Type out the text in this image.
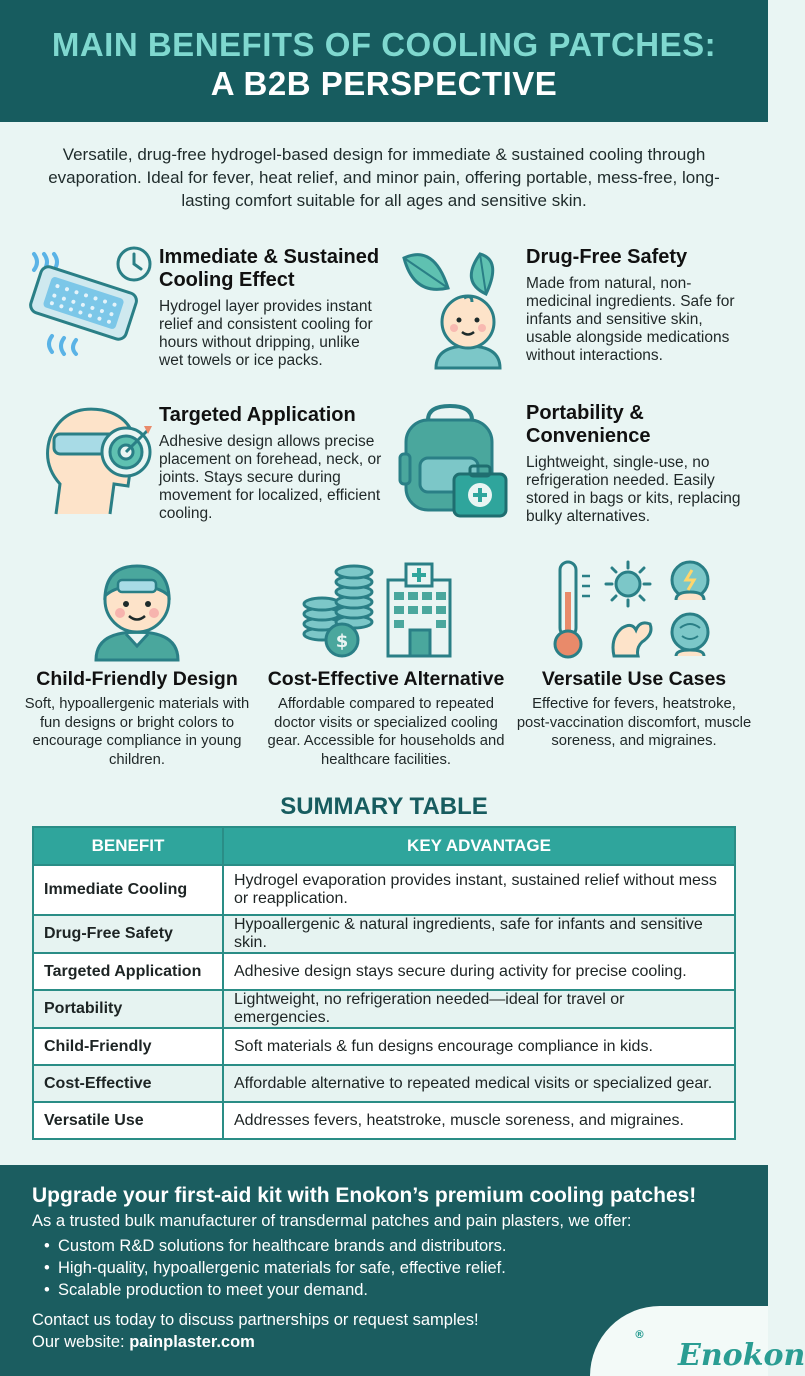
MAIN BENEFITS OF COOLING PATCHES:
A B2B PERSPECTIVE
Versatile, drug-free hydrogel-based design for immediate & sustained cooling through evaporation. Ideal for fever, heat relief, and minor pain, offering portable, mess-free, long-lasting comfort suitable for all ages and sensitive skin.
Immediate & Sustained Cooling Effect

Hydrogel layer provides instant relief and consistent cooling for hours without dripping, unlike wet towels or ice packs.

Drug-Free Safety

Made from natural, non-medicinal ingredients. Safe for infants and sensitive skin, usable alongside medications without interactions.

Targeted Application

Adhesive design allows precise placement on forehead, neck, or joints. Stays secure during movement for localized, efficient cooling.

Portability & Convenience

Lightweight, single-use, no refrigeration needed. Easily stored in bags or kits, replacing bulky alternatives.

Child-Friendly Design

Soft, hypoallergenic materials with fun designs or bright colors to encourage compliance in young children.

$
Cost-Effective Alternative

Affordable compared to repeated doctor visits or specialized cooling gear. Accessible for households and healthcare facilities.

Versatile Use Cases

Effective for fevers, heatstroke, post-vaccination discomfort, muscle soreness, and migraines.

SUMMARY TABLE
BENEFIT	KEY ADVANTAGE
Immediate Cooling	Hydrogel evaporation provides instant, sustained relief without mess or reapplication.
Drug-Free Safety	Hypoallergenic & natural ingredients, safe for infants and sensitive skin.
Targeted Application	Adhesive design stays secure during activity for precise cooling.
Portability	Lightweight, no refrigeration needed—ideal for travel or emergencies.
Child-Friendly	Soft materials & fun designs encourage compliance in kids.
Cost-Effective	Affordable alternative to repeated medical visits or specialized gear.
Versatile Use	Addresses fevers, heatstroke, muscle soreness, and migraines.
Upgrade your first-aid kit with Enokon’s premium cooling patches!
As a trusted bulk manufacturer of transdermal patches and pain plasters, we offer:
• Custom R&D solutions for healthcare brands and distributors.
• High-quality, hypoallergenic materials for safe, effective relief.
• Scalable production to meet your demand.
Contact us today to discuss partnerships or request samples!
Our website: painplaster.com	Enokon
®
